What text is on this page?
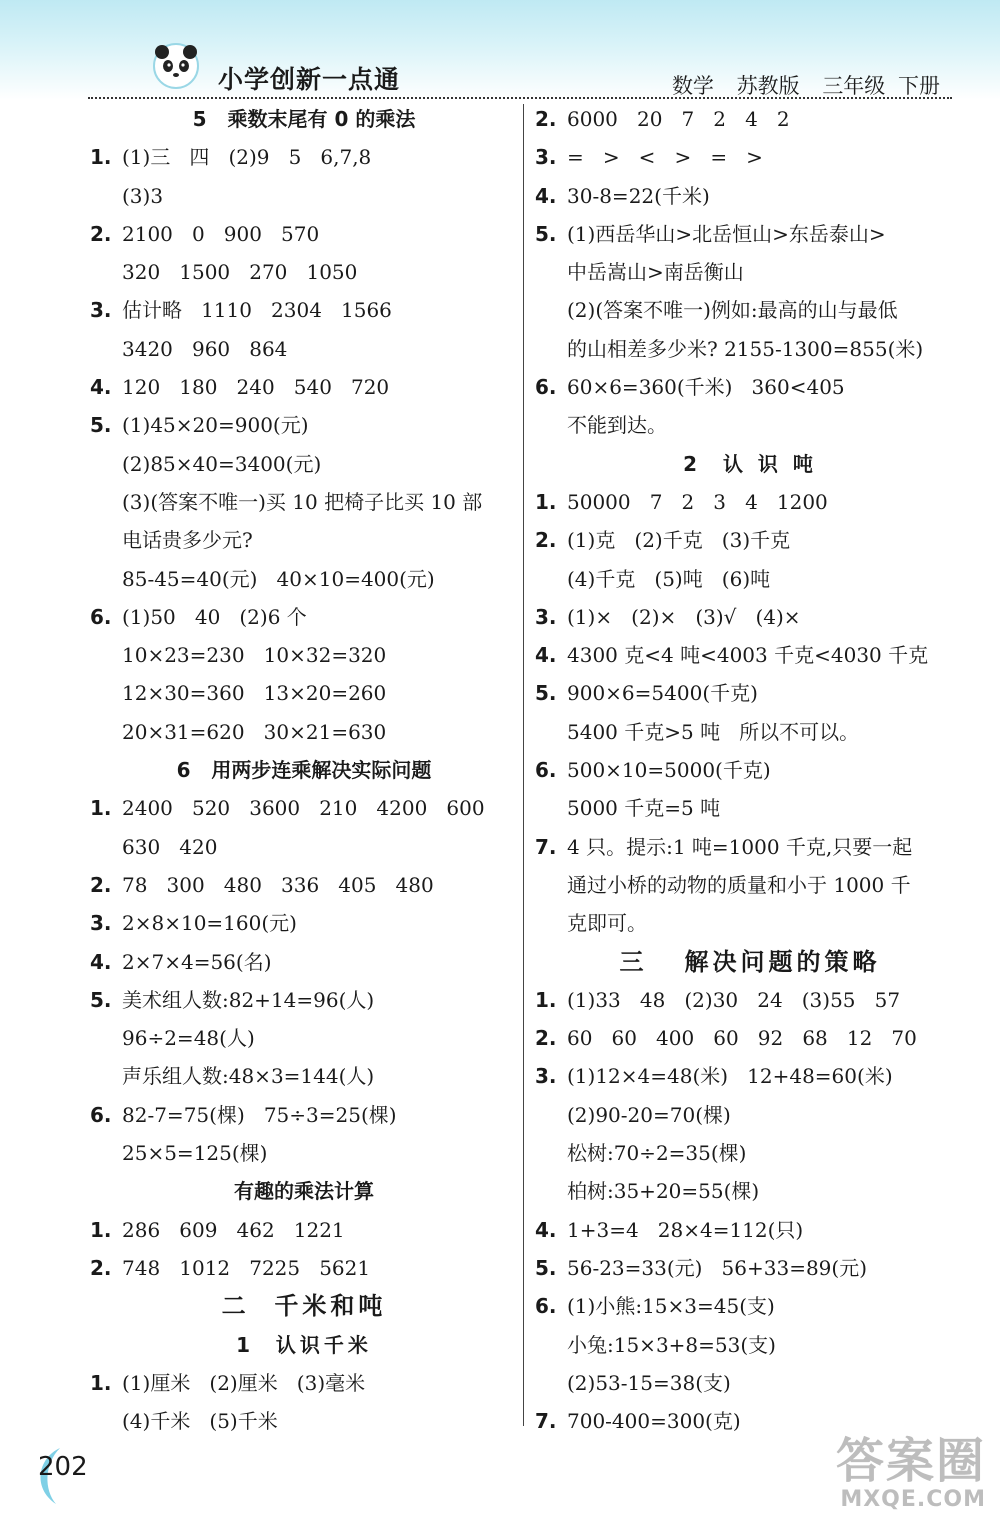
小学创新一点通	数学 苏教版 三年级 下册
5   乘数末尾有 0 的乘法
1. (1)三   四   (2)9   5   6,7,8
(3)3
2. 2100   0   900   570
320   1500   270   1050
3. 估计略   1110   2304   1566
3420   960   864
4. 120   180   240   540   720
5. (1)45×20=900(元)
(2)85×40=3400(元)
(3)(答案不唯一)买 10 把椅子比买 10 部
电话贵多少元?
85-45=40(元)   40×10=400(元)
6. (1)50   40   (2)6 个
10×23=230   10×32=320
12×30=360   13×20=260
20×31=620   30×21=630
6   用两步连乘解决实际问题
1. 2400   520   3600   210   4200   600
630   420
2. 78   300   480   336   405   480
3. 2×8×10=160(元)
4. 2×7×4=56(名)
5. 美术组人数:82+14=96(人)
96÷2=48(人)
声乐组人数:48×3=144(人)
6. 82-7=75(棵)   75÷3=25(棵)
25×5=125(棵)
有趣的乘法计算
1. 286   609   462   1221
2. 748   1012   7225   5621
二  千米和吨
1  认识千米
1. (1)厘米   (2)厘米   (3)毫米
(4)千米   (5)千米
2. 6000   20   7   2   4   2
3. =   >   <   >   =   >
4. 30-8=22(千米)
5. (1)西岳华山>北岳恒山>东岳泰山>
中岳嵩山>南岳衡山
(2)(答案不唯一)例如:最高的山与最低
的山相差多少米? 2155-1300=855(米)
6. 60×6=360(千米)   360<405
不能到达。
2  认 识 吨
1. 50000   7   2   3   4   1200
2. (1)克   (2)千克   (3)千克
(4)千克   (5)吨   (6)吨
3. (1)×   (2)×   (3)√   (4)×
4. 4300 克<4 吨<4003 千克<4030 千克
5. 900×6=5400(千克)
5400 千克>5 吨   所以不可以。
6. 500×10=5000(千克)
5000 千克=5 吨
7. 4 只。提示:1 吨=1000 千克,只要一起
通过小桥的动物的质量和小于 1000 千
克即可。
三   解决问题的策略
1. (1)33   48   (2)30   24   (3)55   57
2. 60   60   400   60   92   68   12   70
3. (1)12×4=48(米)   12+48=60(米)
(2)90-20=70(棵)
松树:70÷2=35(棵)
柏树:35+20=55(棵)
4. 1+3=4   28×4=112(只)
5. 56-23=33(元)   56+33=89(元)
6. (1)小熊:15×3=45(支)
小兔:15×3+8=53(支)
(2)53-15=38(支)
7. 700-400=300(克)
202	答案圈
MXQE.COM
